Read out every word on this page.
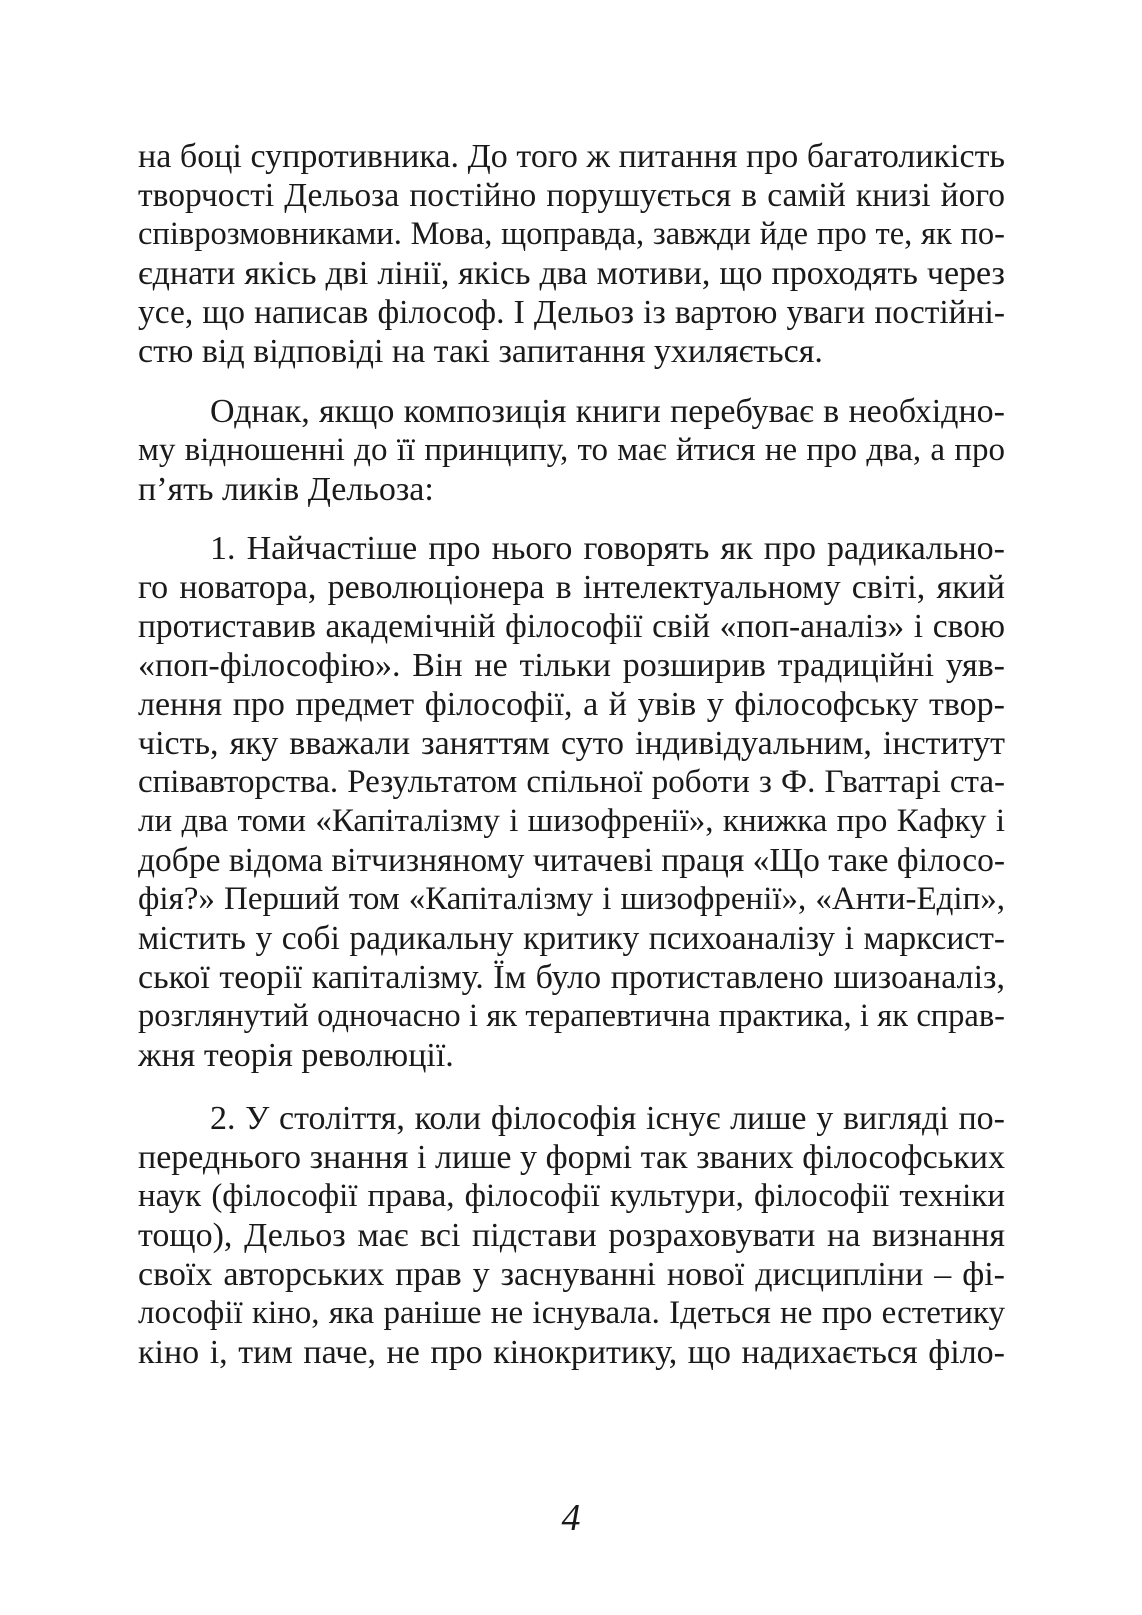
на боці супротивника. До того ж питання про багатоликість
творчості Дельоза постійно порушується в самій книзі його
співрозмовниками. Мова, щоправда, завжди йде про те, як по-
єднати якісь дві лінії, якісь два мотиви, що проходять через
усе, що написав філософ. І Дельоз із вартою уваги постійні-
стю від відповіді на такі запитання ухиляється.
Однак, якщо композиція книги перебуває в необхідно-
му відношенні до її принципу, то має йтися не про два, а про
п’ять ликів Дельоза:
1. Найчастіше про нього говорять як про радикально-
го новатора, революціонера в інтелектуальному світі, який
протиставив академічній філософії свій «поп-аналіз» і свою
«поп-філософію». Він не тільки розширив традиційні уяв-
лення про предмет філософії, а й увів у філософську твор-
чість, яку вважали заняттям суто індивідуальним, інститут
співавторства. Результатом спільної роботи з Ф. Гваттарі ста-
ли два томи «Капіталізму і шизофренії», книжка про Кафку і
добре відома вітчизняному читачеві праця «Що таке філосо-
фія?» Перший том «Капіталізму і шизофренії», «Анти-Едіп»,
містить у собі радикальну критику психоаналізу і марксист-
ської теорії капіталізму. Їм було протиставлено шизоаналіз,
розглянутий одночасно і як терапевтична практика, і як справ-
жня теорія революції.
2. У століття, коли філософія існує лише у вигляді по-
переднього знання і лише у формі так званих філософських
наук (філософії права, філософії культури, філософії техніки
тощо), Дельоз має всі підстави розраховувати на визнання
своїх авторських прав у заснуванні нової дисципліни – фі-
лософії кіно, яка раніше не існувала. Ідеться не про естетику
кіно і, тим паче, не про кінокритику, що надихається філо-
4
